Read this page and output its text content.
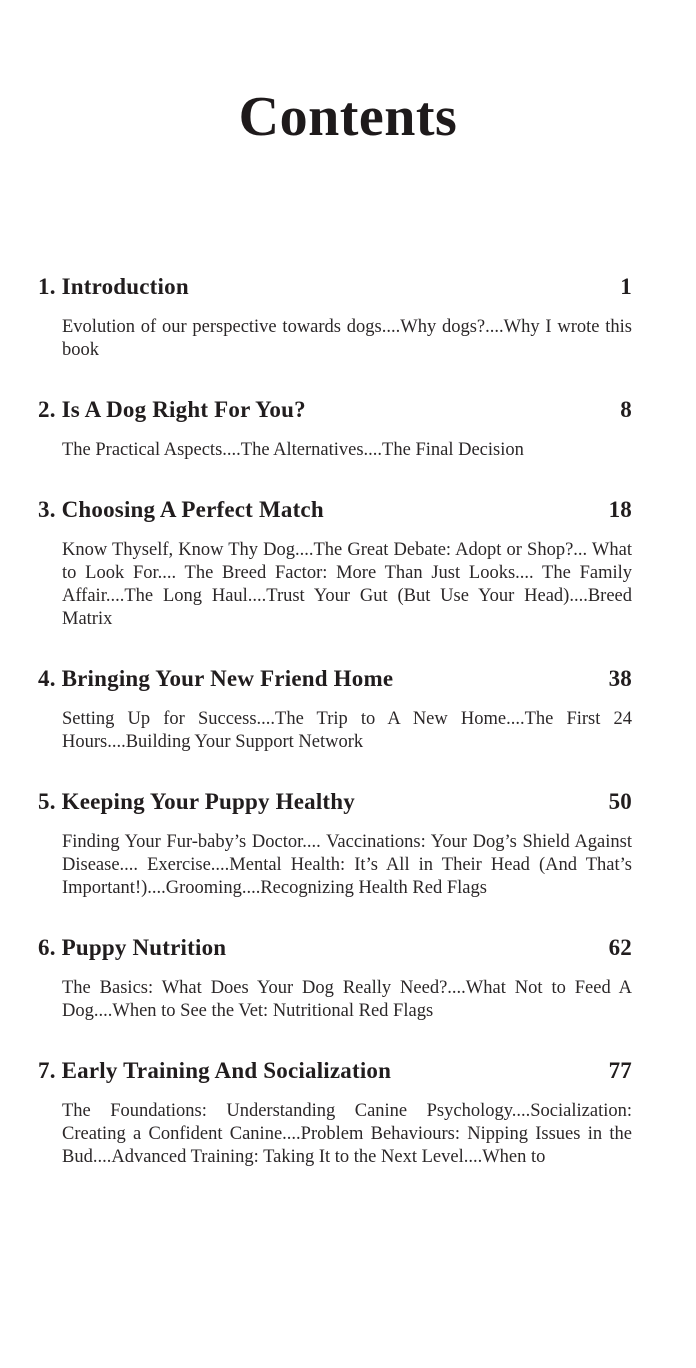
Contents
1. Introduction	1

Evolution of our perspective towards dogs....Why dogs?....Why I wrote this book

2. Is A Dog Right For You?	8

The Practical Aspects....The Alternatives....The Final Decision

3. Choosing A Perfect Match	18

Know Thyself, Know Thy Dog....The Great Debate: Adopt or Shop?... What to Look For.... The Breed Factor: More Than Just Looks.... The Family Affair....The Long Haul....Trust Your Gut (But Use Your Head)....Breed Matrix

4. Bringing Your New Friend Home	38

Setting Up for Success....The Trip to A New Home....The First 24 Hours....Building Your Support Network

5. Keeping Your Puppy Healthy	50

Finding Your Fur-baby’s Doctor.... Vaccinations: Your Dog’s Shield Against Disease.... Exercise....Mental Health: It’s All in Their Head (And That’s Important!)....Grooming....Recognizing Health Red Flags

6. Puppy Nutrition	62

The Basics: What Does Your Dog Really Need?....What Not to Feed A Dog....When to See the Vet: Nutritional Red Flags

7. Early Training And Socialization	77

The Foundations: Understanding Canine Psychology....Socialization: Creating a Confident Canine....Problem Behaviours: Nipping Issues in the Bud....Advanced Training: Taking It to the Next Level....When to
